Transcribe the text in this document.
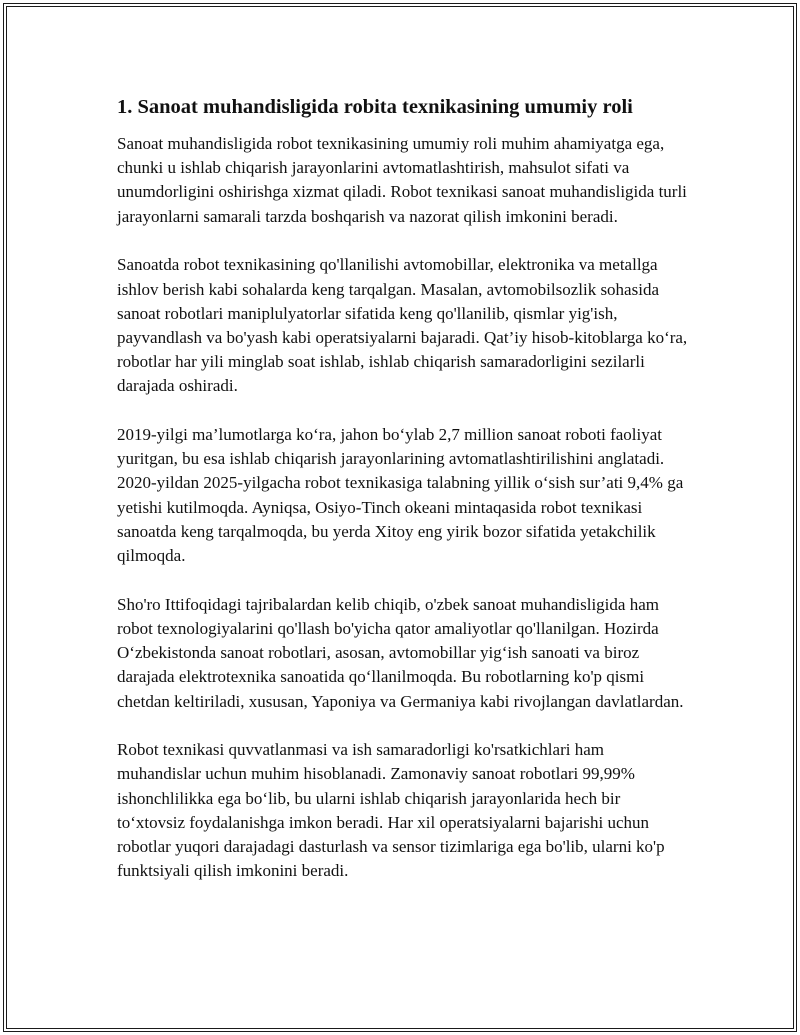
1. Sanoat muhandisligida robita texnikasining umumiy roli

Sanoat muhandisligida robot texnikasining umumiy roli muhim ahamiyatga ega, chunki u ishlab chiqarish jarayonlarini avtomatlashtirish, mahsulot sifati va unumdorligini oshirishga xizmat qiladi. Robot texnikasi sanoat muhandisligida turli jarayonlarni samarali tarzda boshqarish va nazorat qilish imkonini beradi.

Sanoatda robot texnikasining qo'llanilishi avtomobillar, elektronika va metallga ishlov berish kabi sohalarda keng tarqalgan. Masalan, avtomobilsozlik sohasida sanoat robotlari maniplulyatorlar sifatida keng qo'llanilib, qismlar yig'ish, payvandlash va bo'yash kabi operatsiyalarni bajaradi. Qat’iy hisob-kitoblarga ko‘ra, robotlar har yili minglab soat ishlab, ishlab chiqarish samaradorligini sezilarli darajada oshiradi.

2019-yilgi ma’lumotlarga ko‘ra, jahon bo‘ylab 2,7 million sanoat roboti faoliyat yuritgan, bu esa ishlab chiqarish jarayonlarining avtomatlashtirilishini anglatadi. 2020-yildan 2025-yilgacha robot texnikasiga talabning yillik o‘sish sur’ati 9,4% ga yetishi kutilmoqda. Ayniqsa, Osiyo-Tinch okeani mintaqasida robot texnikasi sanoatda keng tarqalmoqda, bu yerda Xitoy eng yirik bozor sifatida yetakchilik qilmoqda.

Sho'ro Ittifoqidagi tajribalardan kelib chiqib, o'zbek sanoat muhandisligida ham robot texnologiyalarini qo'llash bo'yicha qator amaliyotlar qo'llanilgan. Hozirda O‘zbekistonda sanoat robotlari, asosan, avtomobillar yig‘ish sanoati va biroz darajada elektrotexnika sanoatida qo‘llanilmoqda. Bu robotlarning ko'p qismi chetdan keltiriladi, xususan, Yaponiya va Germaniya kabi rivojlangan davlatlardan.

Robot texnikasi quvvatlanmasi va ish samaradorligi ko'rsatkichlari ham muhandislar uchun muhim hisoblanadi. Zamonaviy sanoat robotlari 99,99% ishonchlilikka ega bo‘lib, bu ularni ishlab chiqarish jarayonlarida hech bir to‘xtovsiz foydalanishga imkon beradi. Har xil operatsiyalarni bajarishi uchun robotlar yuqori darajadagi dasturlash va sensor tizimlariga ega bo'lib, ularni ko'p funktsiyali qilish imkonini beradi.
